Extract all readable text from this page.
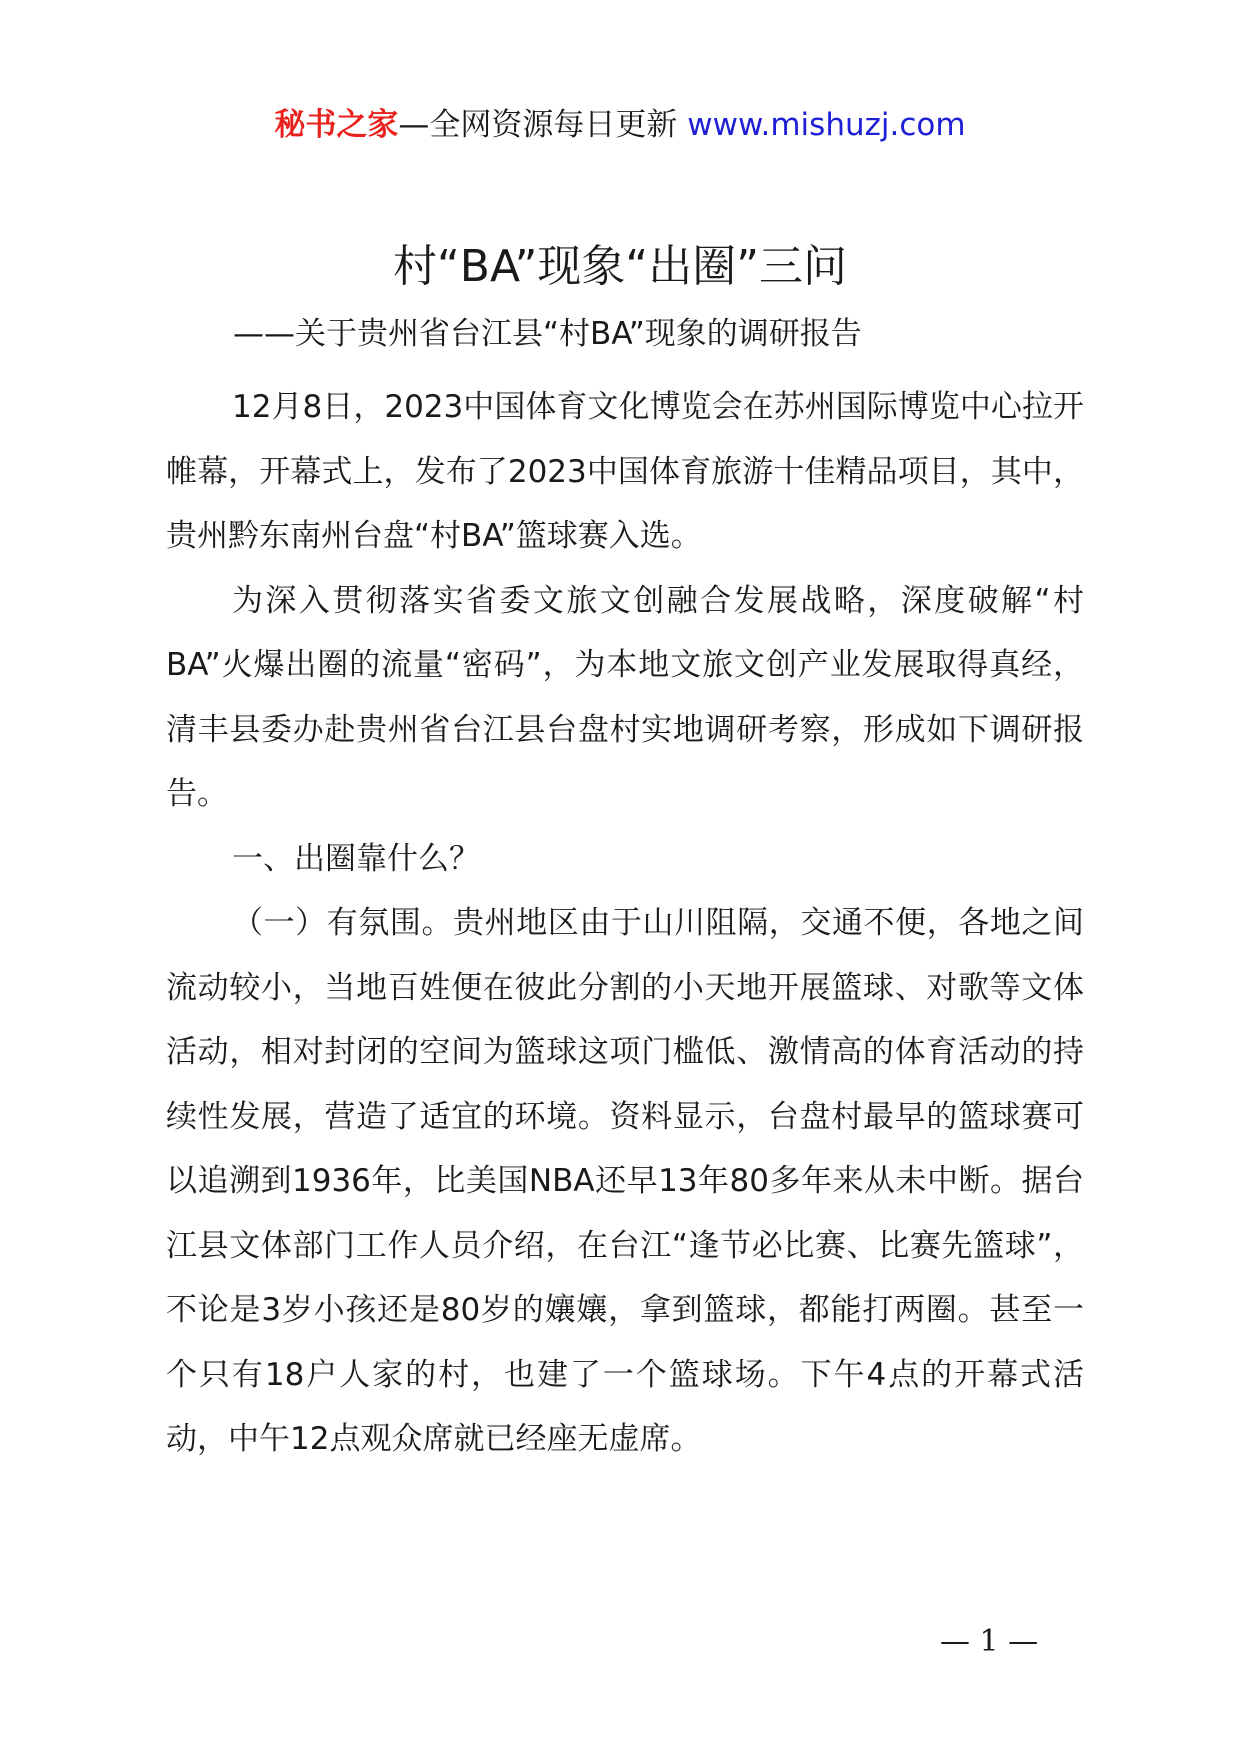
秘书之家—全网资源每日更新 www.mishuzj.com
村“BA”现象“出圈”三问
——关于贵州省台江县“村BA”现象的调研报告

12月8日，2023中国体育文化博览会在苏州国际博览中心拉开帷幕，开幕式上，发布了2023中国体育旅游十佳精品项目，其中，贵州黔东南州台盘“村BA”篮球赛入选。

为深入贯彻落实省委文旅文创融合发展战略，深度破解“村BA”火爆出圈的流量“密码”，为本地文旅文创产业发展取得真经，清丰县委办赴贵州省台江县台盘村实地调研考察，形成如下调研报告。

一、出圈靠什么？

（一）有氛围。贵州地区由于山川阻隔，交通不便，各地之间流动较小，当地百姓便在彼此分割的小天地开展篮球、对歌等文体活动，相对封闭的空间为篮球这项门槛低、激情高的体育活动的持续性发展，营造了适宜的环境。资料显示，台盘村最早的篮球赛可以追溯到1936年，比美国NBA还早13年80多年来从未中断。据台江县文体部门工作人员介绍，在台江“逢节必比赛、比赛先篮球”，不论是3岁小孩还是80岁的孃孃，拿到篮球，都能打两圈。甚至一个只有18户人家的村，也建了一个篮球场。下午4点的开幕式活动，中午12点观众席就已经座无虚席。

— 1 —
